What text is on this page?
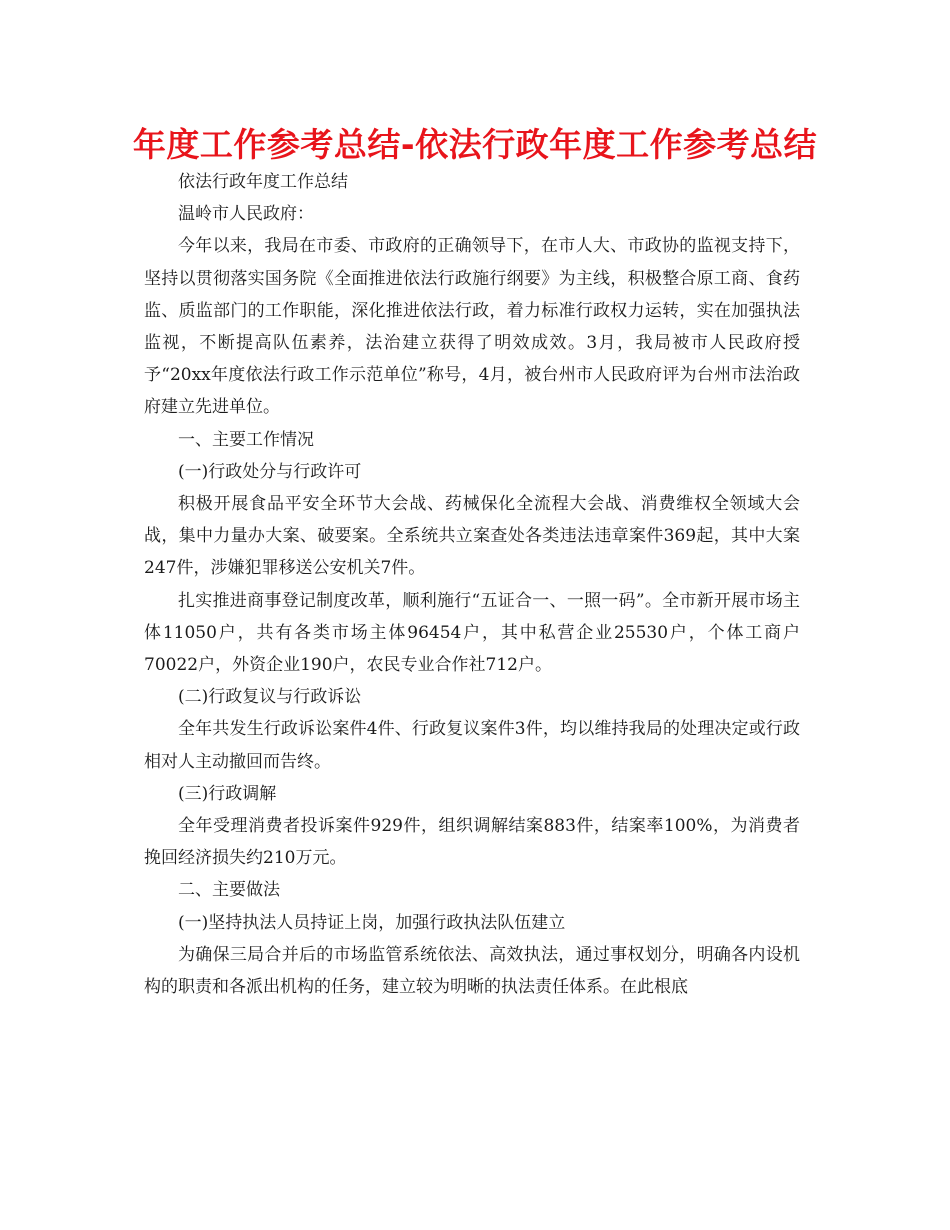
年度工作参考总结-依法行政年度工作参考总结

依法行政年度工作总结

温岭市人民政府：

今年以来，我局在市委、市政府的正确领导下，在市人大、市政协的监视支持下，坚持以贯彻落实国务院《全面推进依法行政施行纲要》为主线，积极整合原工商、食药监、质监部门的工作职能，深化推进依法行政，着力标准行政权力运转，实在加强执法监视，不断提高队伍素养，法治建立获得了明效成效。3月，我局被市人民政府授予“20xx年度依法行政工作示范单位”称号，4月，被台州市人民政府评为台州市法治政府建立先进单位。

一、主要工作情况

(一)行政处分与行政许可

积极开展食品平安全环节大会战、药械保化全流程大会战、消费维权全领域大会战，集中力量办大案、破要案。全系统共立案查处各类违法违章案件369起，其中大案247件，涉嫌犯罪移送公安机关7件。

扎实推进商事登记制度改革，顺利施行“五证合一、一照一码”。全市新开展市场主体11050户，共有各类市场主体96454户，其中私营企业25530户，个体工商户70022户，外资企业190户，农民专业合作社712户。

(二)行政复议与行政诉讼

全年共发生行政诉讼案件4件、行政复议案件3件，均以维持我局的处理决定或行政相对人主动撤回而告终。

(三)行政调解

全年受理消费者投诉案件929件，组织调解结案883件，结案率100%，为消费者挽回经济损失约210万元。

二、主要做法

(一)坚持执法人员持证上岗，加强行政执法队伍建立

为确保三局合并后的市场监管系统依法、高效执法，通过事权划分，明确各内设机构的职责和各派出机构的任务，建立较为明晰的执法责任体系。在此根底
